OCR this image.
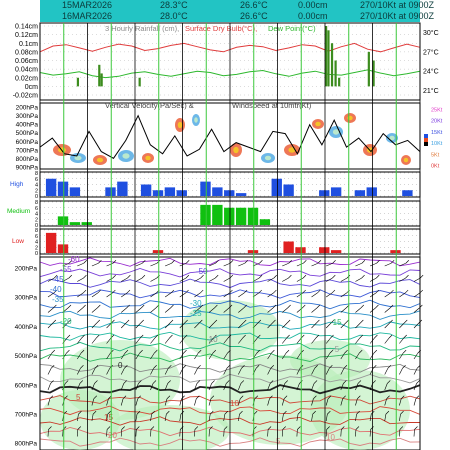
15MAR2026	28.3°C	26.6°C	0.00cm	270/10Kt at 0900Z
16MAR2026	28.0°C	26.6°C	0.00cm	270/10Kt at 0900Z
3 Hourly Rainfall (cm), Surface Dry Bulb(°C), Dew Point(°C)
0.14cm
0.12cm
0.1cm
0.08cm
0.06cm
0.04cm
0.02cm
0cm
-0.02cm
30°C
27°C
24°C
21°C
Vertical Velocity(Pa/Sec) &	Windspeed at 10mtr(Kt)
200hPa
300hPa
400hPa
500hPa
600hPa
700hPa
800hPa
900hPa
25Kt
20Kt
15Kt
10Kt
5Kt
0Kt
High
8
6
4
2
0
Medium
8
6
4
2
0
Low
8
6
4
2
0
200hPa
300hPa
400hPa
500hPa
600hPa
700hPa
800hPa
-60
-55	-50
-45
-40
-35	-30
-25
-20	-15
-10
-5
0
5
10
15
20	10
5
